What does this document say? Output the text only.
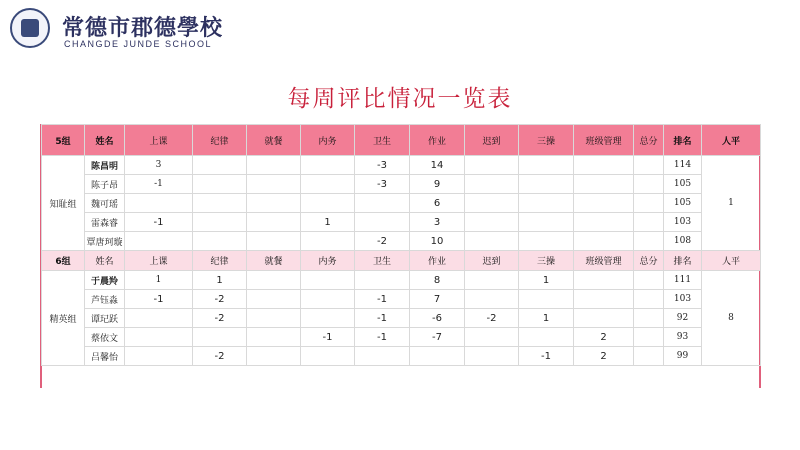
常德市郡德學校
CHANGDE JUNDE SCHOOL
每周评比情况一览表
5组	姓名	上课	纪律	就餐	内务	卫生	作业	迟到	三操	班级管理	总分	排名	人平	
知耻组	陈昌明	3				-3	14					114	1	
	陈子昂	-1				-3	9					105		
	魏可瑶						6					105		
	雷森睿	-1			1		3					103		
	覃唐珂璇					-2	10					108		
6组	姓名	上课	纪律	就餐	内务	卫生	作业	迟到	三操	班级管理	总分	排名	人平	
精英组	于晨羚	1	1				8		1			111	8	
	芦钰淼	-1	-2			-1	7					103		
	谭玘跃		-2			-1	-6	-2	1			92		
	蔡依文				-1	-1	-7			2		93		
	吕馨怡		-2						-1	2		99		
